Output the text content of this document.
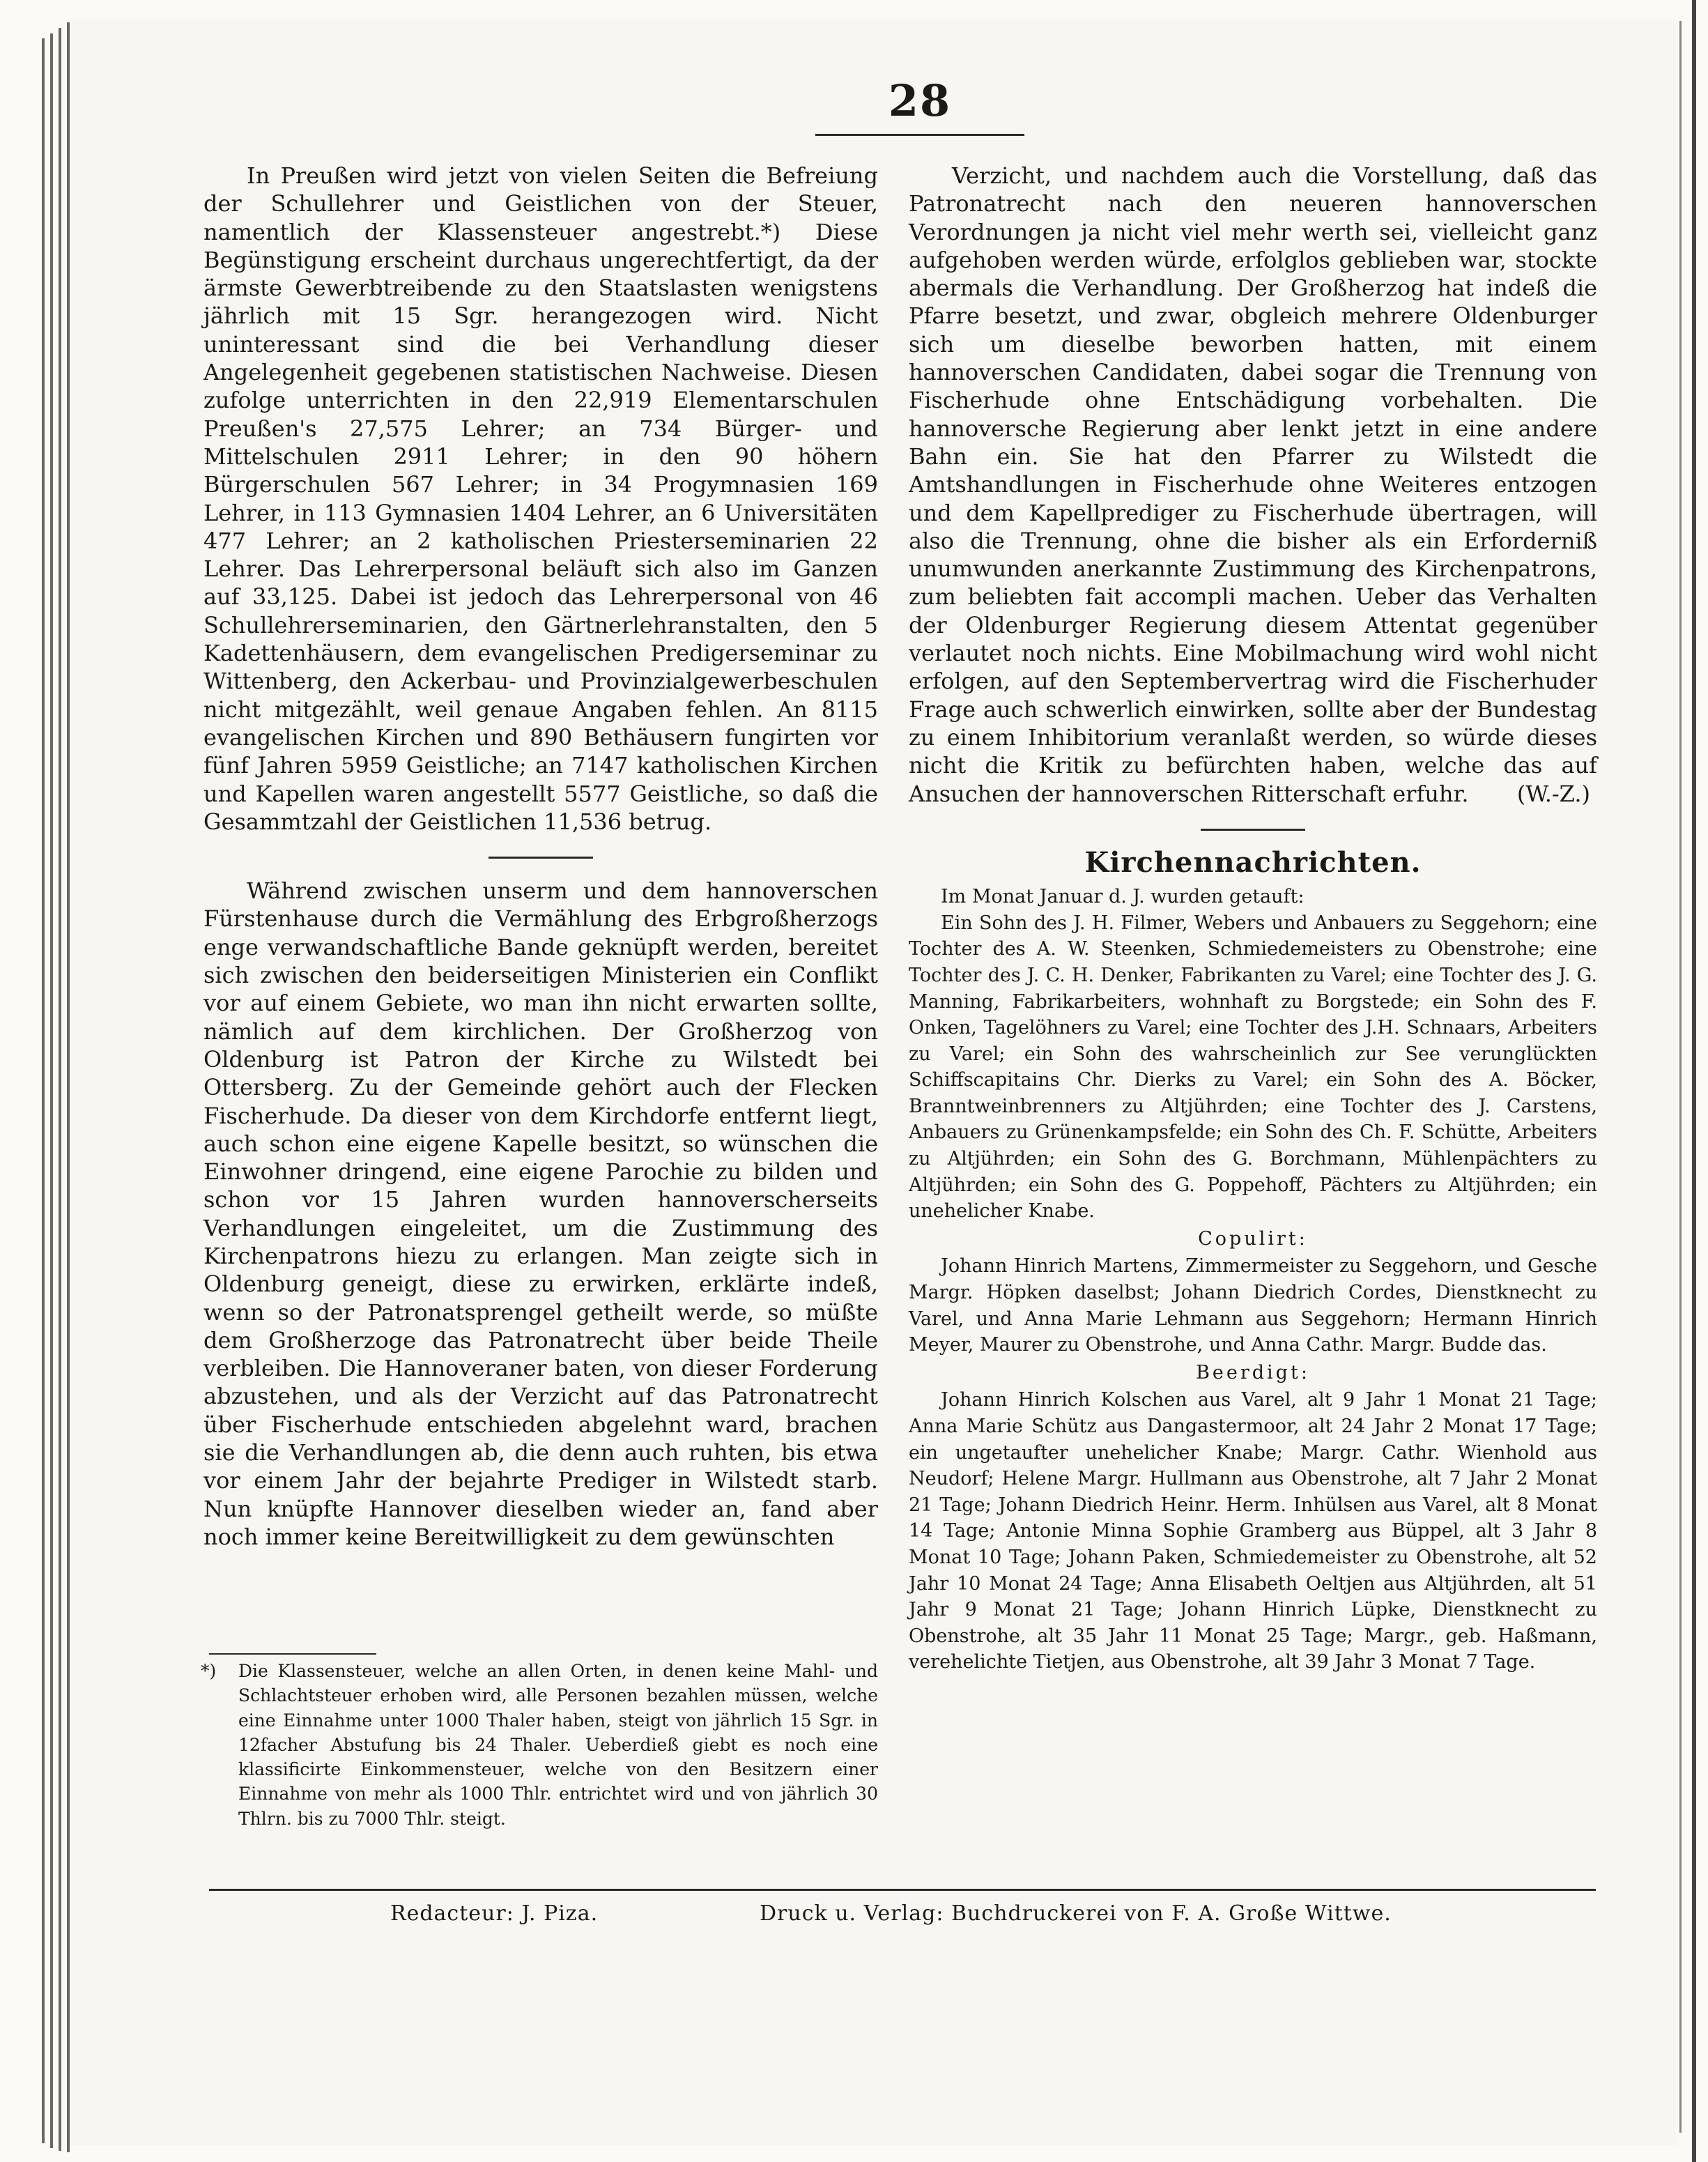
28

In Preußen wird jetzt von vielen Seiten die Befreiung der Schullehrer und Geistlichen von der Steuer, namentlich der Klassensteuer angestrebt.*) Diese Begünstigung erscheint durchaus ungerechtfertigt, da der ärmste Gewerbtreibende zu den Staatslasten wenigstens jährlich mit 15 Sgr. herangezogen wird. Nicht uninteressant sind die bei Verhandlung dieser Angelegenheit gegebenen statistischen Nachweise. Diesen zufolge unterrichten in den 22,919 Elementarschulen Preußen's 27,575 Lehrer; an 734 Bürger- und Mittelschulen 2911 Lehrer; in den 90 höhern Bürgerschulen 567 Lehrer; in 34 Progymnasien 169 Lehrer, in 113 Gymnasien 1404 Lehrer, an 6 Universitäten 477 Lehrer; an 2 katholischen Priesterseminarien 22 Lehrer. Das Lehrerpersonal beläuft sich also im Ganzen auf 33,125. Dabei ist jedoch das Lehrerpersonal von 46 Schullehrerseminarien, den Gärtnerlehranstalten, den 5 Kadettenhäusern, dem evangelischen Predigerseminar zu Wittenberg, den Ackerbau- und Provinzialgewerbeschulen nicht mitgezählt, weil genaue Angaben fehlen. An 8115 evangelischen Kirchen und 890 Bethäusern fungirten vor fünf Jahren 5959 Geistliche; an 7147 katholischen Kirchen und Kapellen waren angestellt 5577 Geistliche, so daß die Gesammtzahl der Geistlichen 11,536 betrug.

Während zwischen unserm und dem hannoverschen Fürstenhause durch die Vermählung des Erbgroßherzogs enge verwandschaftliche Bande geknüpft werden, bereitet sich zwischen den beiderseitigen Ministerien ein Conflikt vor auf einem Gebiete, wo man ihn nicht erwarten sollte, nämlich auf dem kirchlichen. Der Großherzog von Oldenburg ist Patron der Kirche zu Wilstedt bei Ottersberg. Zu der Gemeinde gehört auch der Flecken Fischerhude. Da dieser von dem Kirchdorfe entfernt liegt, auch schon eine eigene Kapelle besitzt, so wünschen die Einwohner dringend, eine eigene Parochie zu bilden und schon vor 15 Jahren wurden hannoverscherseits Verhandlungen eingeleitet, um die Zustimmung des Kirchenpatrons hiezu zu erlangen. Man zeigte sich in Oldenburg geneigt, diese zu erwirken, erklärte indeß, wenn so der Patronatsprengel getheilt werde, so müßte dem Großherzoge das Patronatrecht über beide Theile verbleiben. Die Hannoveraner baten, von dieser Forderung abzustehen, und als der Verzicht auf das Patronatrecht über Fischerhude entschieden abgelehnt ward, brachen sie die Verhandlungen ab, die denn auch ruhten, bis etwa vor einem Jahr der bejahrte Prediger in Wilstedt starb. Nun knüpfte Hannover dieselben wieder an, fand aber noch immer keine Bereitwilligkeit zu dem gewünschten

*) Die Klassensteuer, welche an allen Orten, in denen keine Mahl- und Schlachtsteuer erhoben wird, alle Personen bezahlen müssen, welche eine Einnahme unter 1000 Thaler haben, steigt von jährlich 15 Sgr. in 12facher Abstufung bis 24 Thaler. Ueberdieß giebt es noch eine klassificirte Einkommensteuer, welche von den Besitzern einer Einnahme von mehr als 1000 Thlr. entrichtet wird und von jährlich 30 Thlrn. bis zu 7000 Thlr. steigt.

Verzicht, und nachdem auch die Vorstellung, daß das Patronatrecht nach den neueren hannoverschen Verordnungen ja nicht viel mehr werth sei, vielleicht ganz aufgehoben werden würde, erfolglos geblieben war, stockte abermals die Verhandlung. Der Großherzog hat indeß die Pfarre besetzt, und zwar, obgleich mehrere Oldenburger sich um dieselbe beworben hatten, mit einem hannoverschen Candidaten, dabei sogar die Trennung von Fischerhude ohne Entschädigung vorbehalten. Die hannoversche Regierung aber lenkt jetzt in eine andere Bahn ein. Sie hat den Pfarrer zu Wilstedt die Amtshandlungen in Fischerhude ohne Weiteres entzogen und dem Kapellprediger zu Fischerhude übertragen, will also die Trennung, ohne die bisher als ein Erforderniß unumwunden anerkannte Zustimmung des Kirchenpatrons, zum beliebten fait accompli machen. Ueber das Verhalten der Oldenburger Regierung diesem Attentat gegenüber verlautet noch nichts. Eine Mobilmachung wird wohl nicht erfolgen, auf den Septembervertrag wird die Fischerhuder Frage auch schwerlich einwirken, sollte aber der Bundestag zu einem Inhibitorium veranlaßt werden, so würde dieses nicht die Kritik zu befürchten haben, welche das auf Ansuchen der hannoverschen Ritterschaft erfuhr.	(W.-Z.)
Kirchennachrichten.
Im Monat Januar d. J. wurden getauft:

Ein Sohn des J. H. Filmer, Webers und Anbauers zu Seggehorn; eine Tochter des A. W. Steenken, Schmiedemeisters zu Obenstrohe; eine Tochter des J. C. H. Denker, Fabrikanten zu Varel; eine Tochter des J. G. Manning, Fabrikarbeiters, wohnhaft zu Borgstede; ein Sohn des F. Onken, Tagelöhners zu Varel; eine Tochter des J.H. Schnaars, Arbeiters zu Varel; ein Sohn des wahrscheinlich zur See verunglückten Schiffscapitains Chr. Dierks zu Varel; ein Sohn des A. Böcker, Branntweinbrenners zu Altjührden; eine Tochter des J. Carstens, Anbauers zu Grünenkampsfelde; ein Sohn des Ch. F. Schütte, Arbeiters zu Altjührden; ein Sohn des G. Borchmann, Mühlenpächters zu Altjührden; ein Sohn des G. Poppehoff, Pächters zu Altjührden; ein unehelicher Knabe.

Copulirt:

Johann Hinrich Martens, Zimmermeister zu Seggehorn, und Gesche Margr. Höpken daselbst; Johann Diedrich Cordes, Dienstknecht zu Varel, und Anna Marie Lehmann aus Seggehorn; Hermann Hinrich Meyer, Maurer zu Obenstrohe, und Anna Cathr. Margr. Budde das.

Beerdigt:

Johann Hinrich Kolschen aus Varel, alt 9 Jahr 1 Monat 21 Tage; Anna Marie Schütz aus Dangastermoor, alt 24 Jahr 2 Monat 17 Tage; ein ungetaufter unehelicher Knabe; Margr. Cathr. Wienhold aus Neudorf; Helene Margr. Hullmann aus Obenstrohe, alt 7 Jahr 2 Monat 21 Tage; Johann Diedrich Heinr. Herm. Inhülsen aus Varel, alt 8 Monat 14 Tage; Antonie Minna Sophie Gramberg aus Büppel, alt 3 Jahr 8 Monat 10 Tage; Johann Paken, Schmiedemeister zu Obenstrohe, alt 52 Jahr 10 Monat 24 Tage; Anna Elisabeth Oeltjen aus Altjührden, alt 51 Jahr 9 Monat 21 Tage; Johann Hinrich Lüpke, Dienstknecht zu Obenstrohe, alt 35 Jahr 11 Monat 25 Tage; Margr., geb. Haßmann, verehelichte Tietjen, aus Obenstrohe, alt 39 Jahr 3 Monat 7 Tage.

Redacteur: J. Piza.	Druck u. Verlag: Buchdruckerei von F. A. Große Wittwe.
